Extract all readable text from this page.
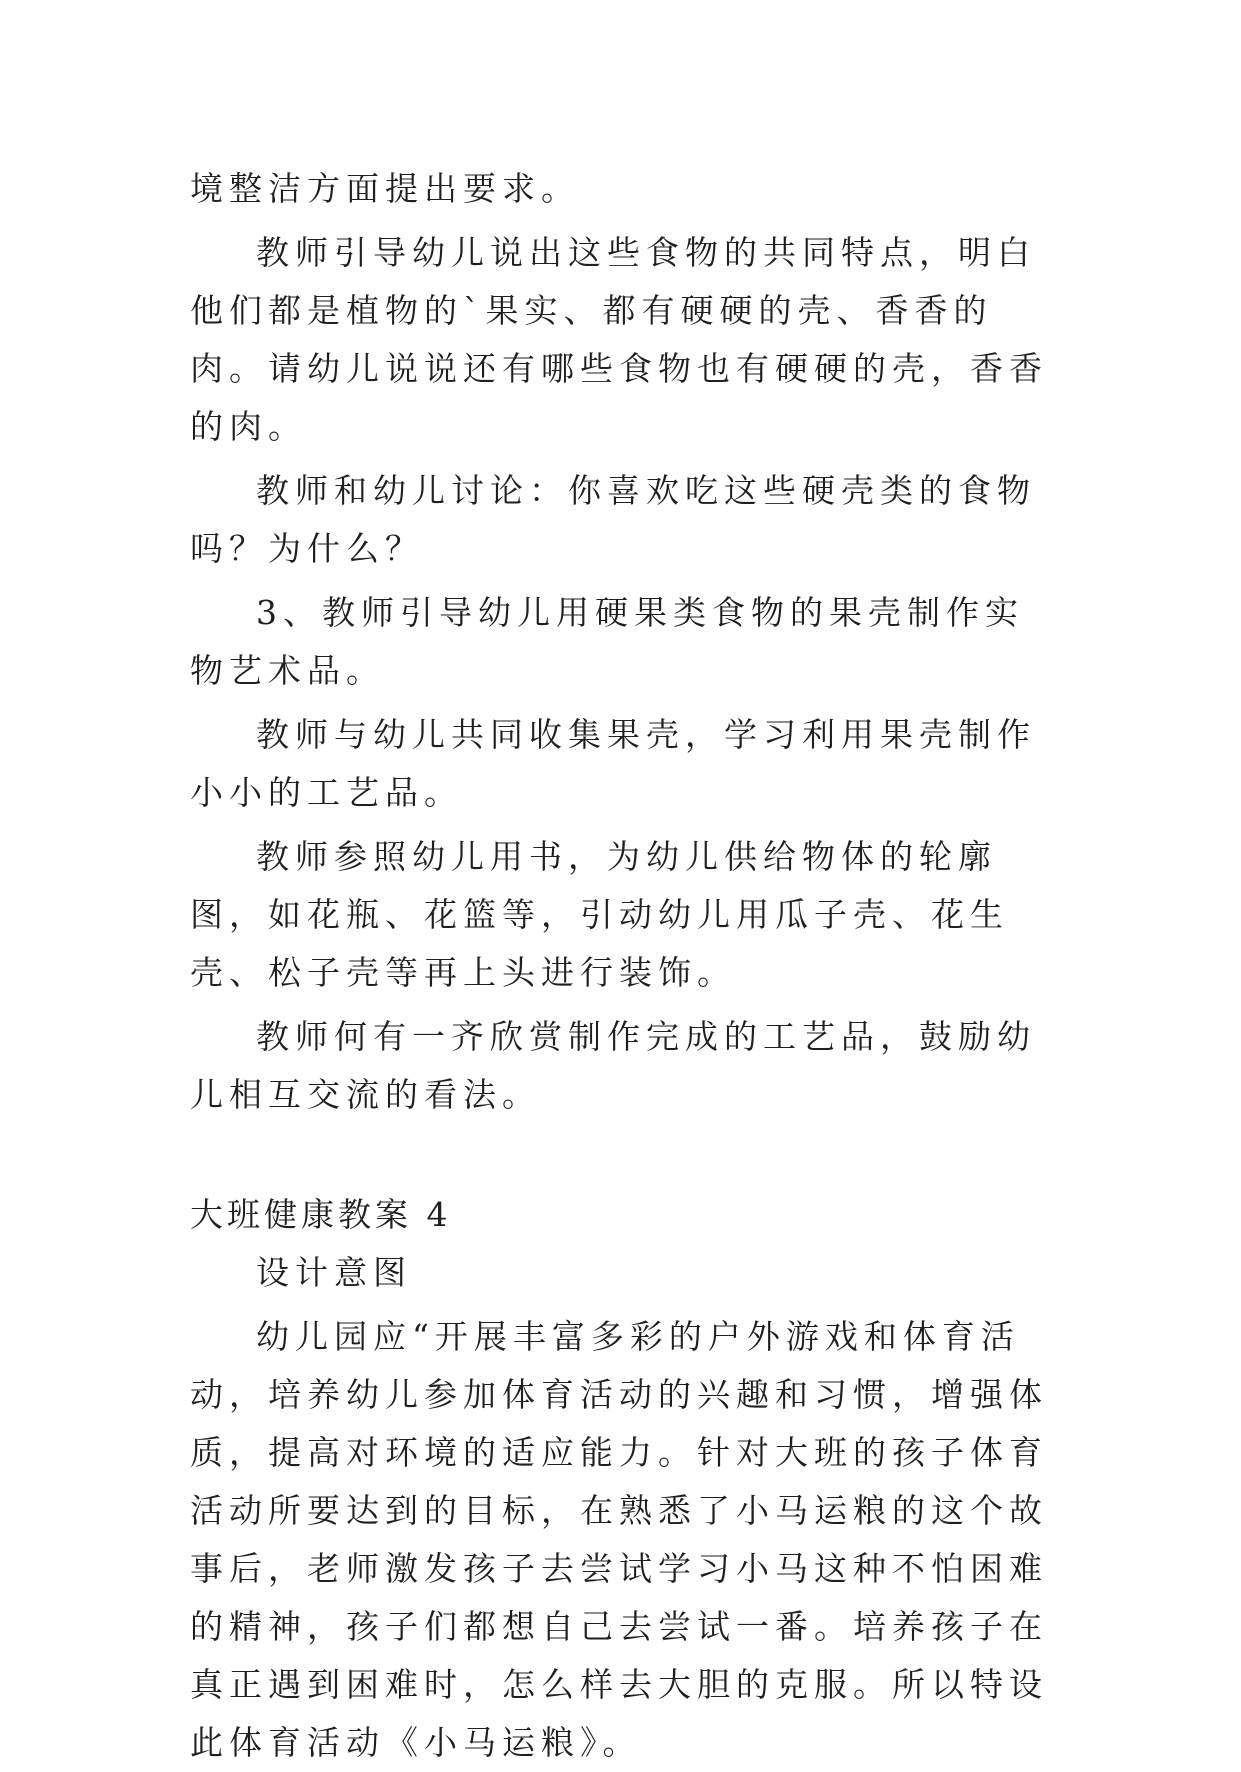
境整洁方面提出要求。

教师引导幼儿说出这些食物的共同特点，明白他们都是植物的`果实、都有硬硬的壳、香香的肉。请幼儿说说还有哪些食物也有硬硬的壳，香香的肉。

教师和幼儿讨论：你喜欢吃这些硬壳类的食物吗？为什么？

3、教师引导幼儿用硬果类食物的果壳制作实物艺术品。

教师与幼儿共同收集果壳，学习利用果壳制作小小的工艺品。

教师参照幼儿用书，为幼儿供给物体的轮廓图，如花瓶、花篮等，引动幼儿用瓜子壳、花生壳、松子壳等再上头进行装饰。

教师何有一齐欣赏制作完成的工艺品，鼓励幼儿相互交流的看法。

大班健康教案 4

设计意图

幼儿园应“开展丰富多彩的户外游戏和体育活动，培养幼儿参加体育活动的兴趣和习惯，增强体质，提高对环境的适应能力。针对大班的孩子体育活动所要达到的目标，在熟悉了小马运粮的这个故事后，老师激发孩子去尝试学习小马这种不怕困难的精神，孩子们都想自己去尝试一番。培养孩子在真正遇到困难时，怎么样去大胆的克服。所以特设此体育活动《小马运粮》。
